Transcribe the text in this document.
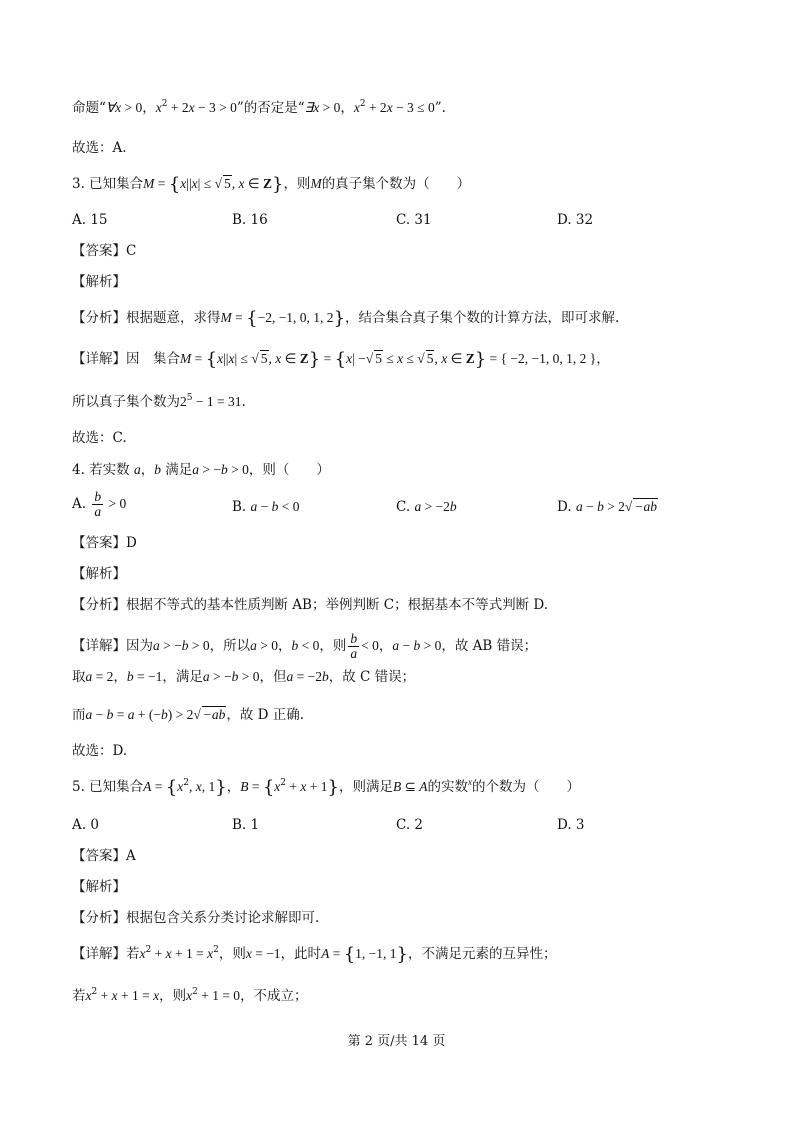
命题“∀x > 0，$x^2 + 2x - 3 > 0$”的否定是“∃x > 0，$x^2 + 2x - 3 \le 0$”.
故选：A.
3. 已知集合M = {x||x| ≤ √ 5, x ∈ Z}，则M的真子集个数为（　　）
A. 15	B. 16	C. 31	D. 32
【答案】C
【解析】
【分析】根据题意，求得M = {−2, −1, 0, 1, 2}，结合集合真子集个数的计算方法，即可求解.
【详解】因　集合M = {x||x| ≤ √ 5, x ∈ Z} = {x| −√ 5 ≤ x ≤ √ 5, x ∈ Z} = { −2, −1, 0, 1, 2 }，
所以真子集个数为$2^5 - 1 = 31$.
故选：C.
4. 若实数 a，b 满足a > −b > 0，则（　　）
A. $\frac{b}{a} > 0$	B. a − b < 0	C. a > −2b	D. a − b > 2√ −ab
【答案】D
【解析】
【分析】根据不等式的基本性质判断 AB；举例判断 C；根据基本不等式判断 D.
【详解】因为a > −b > 0，所以a > 0，b < 0，则 $\frac{b}{a} < 0$，a − b > 0，故 AB 错误；
取a = 2，b = −1，满足a > −b > 0，但a = −2b，故 C 错误；
而a − b = a + (−b) > 2√ −ab，故 D 正确.
故选：D.
5. 已知集合$A = \{x^2$, x, 1}，$B = \{x^2 + x + 1\}$，则满足B ⊆ A的实数$^x$的个数为（　　）
A. 0	B. 1	C. 2	D. 3
【答案】A
【解析】
【分析】根据包含关系分类讨论求解即可.
【详解】若$x^2 + x + 1 = x^2$，则x = −1，此时A = {1, −1, 1}，不满足元素的互异性；
若$x^2 + x + 1 = x$，则$x^2 + 1 = 0$，不成立；
第 2 页/共 14 页
